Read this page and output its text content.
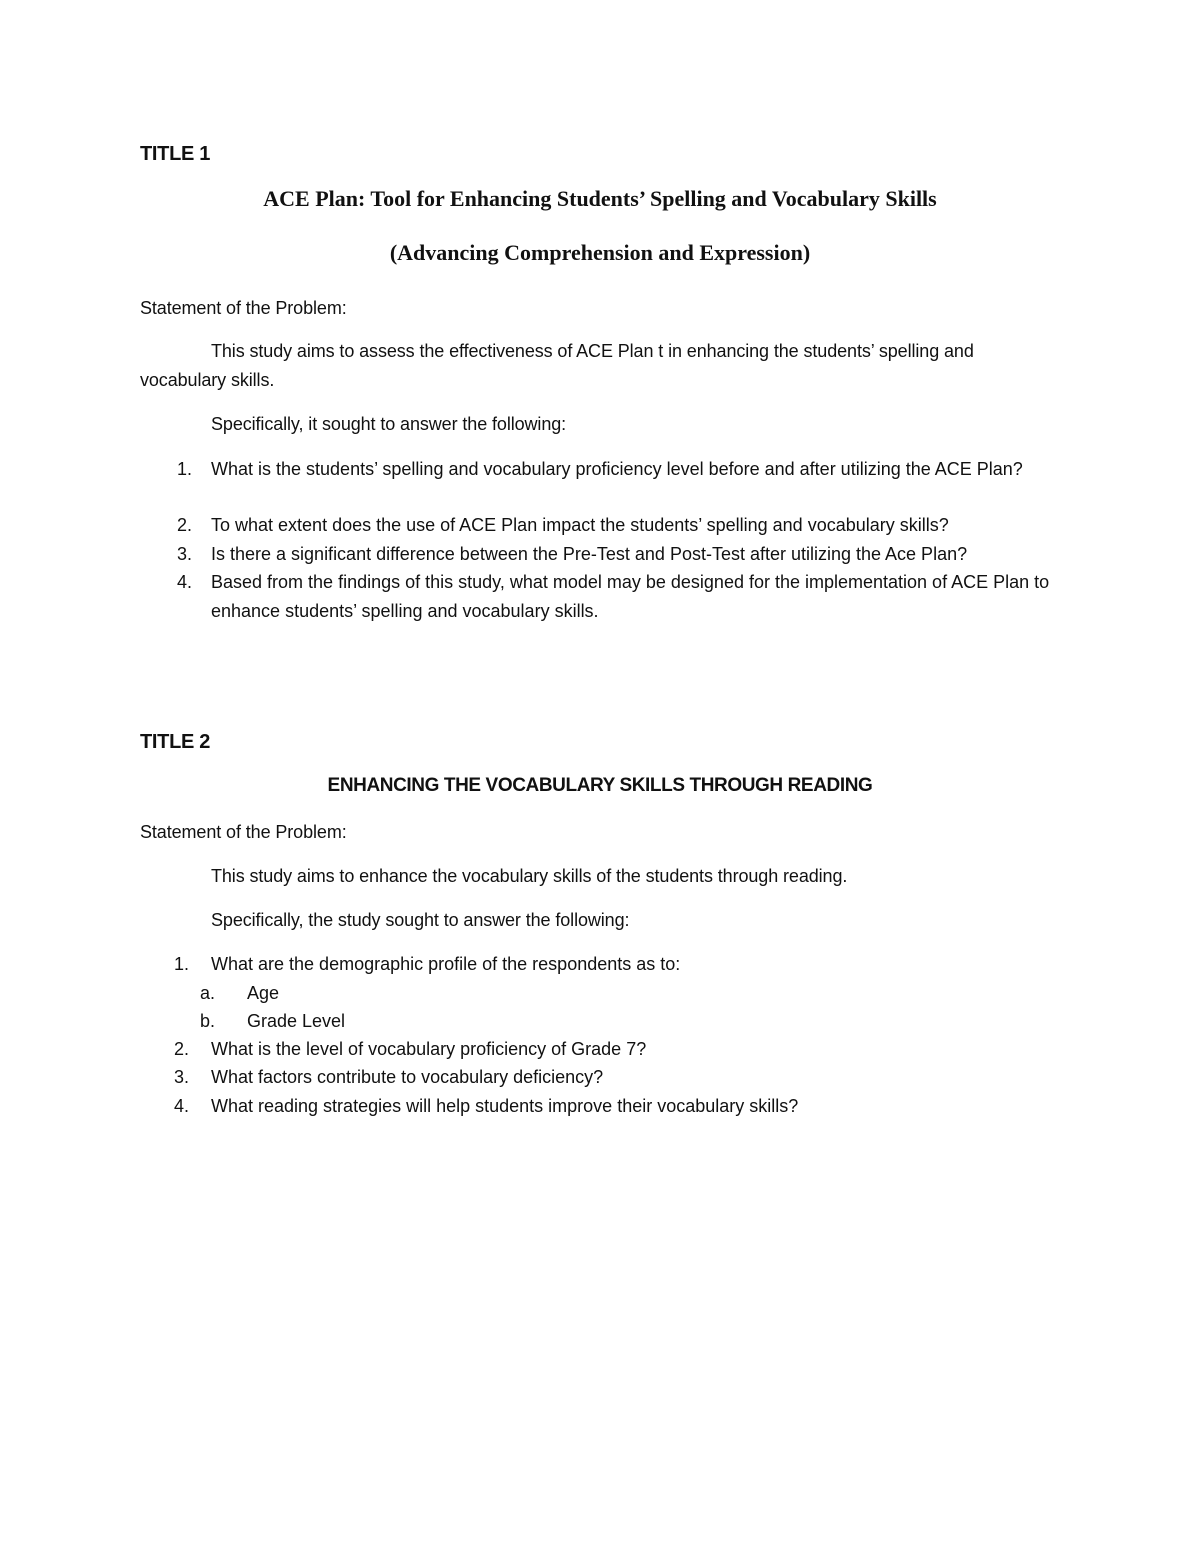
TITLE 1

ACE Plan: Tool for Enhancing Students’ Spelling and Vocabulary Skills

(Advancing Comprehension and Expression)

Statement of the Problem:

This study aims to assess the effectiveness of ACE Plan t in enhancing the students’ spelling and

vocabulary skills.

Specifically, it sought to answer the following:

1. What is the students’ spelling and vocabulary proficiency level before and after utilizing the ACE Plan?
2. To what extent does the use of ACE Plan impact the students’ spelling and vocabulary skills?
3. Is there a significant difference between the Pre-Test and Post-Test after utilizing the Ace Plan?
4. Based from the findings of this study, what model may be designed for the implementation of ACE Plan to enhance students’ spelling and vocabulary skills.

TITLE 2

ENHANCING THE VOCABULARY SKILLS THROUGH READING

Statement of the Problem:

This study aims to enhance the vocabulary skills of the students through reading.

Specifically, the study sought to answer the following:

1. What are the demographic profile of the respondents as to:
a.	Age
b.	Grade Level
2. What is the level of vocabulary proficiency of Grade 7?
3. What factors contribute to vocabulary deficiency?
4. What reading strategies will help students improve their vocabulary skills?
